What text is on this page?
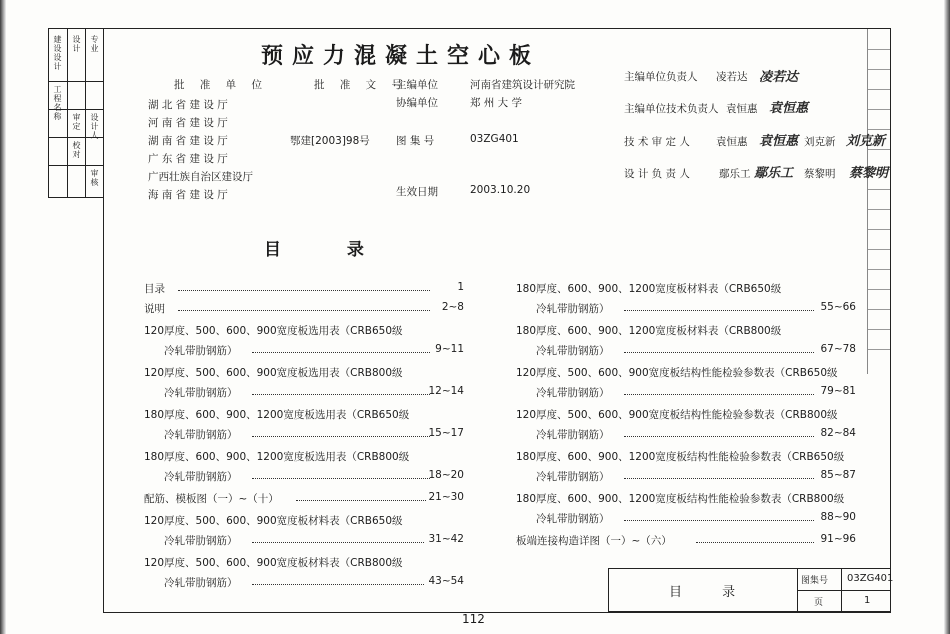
建设设计 设计 专业
工程名称
审定 设计人
校对
审核
预应力混凝土空心板
批 准 单 位	批 准 文 号
湖 北 省 建 设 厅
河 南 省 建 设 厅
湖 南 省 建 设 厅
广 东 省 建 设 厅
广西壮族自治区建设厅
海 南 省 建 设 厅
鄂建[2003]98号
主编单位	河南省建筑设计研究院
协编单位	郑 州 大 学
图 集 号	03ZG401
生效日期	2003.10.20
主编单位负责人 凌若达 凌若达
主编单位技术负责人 袁恒惠 袁恒惠
技 术 审 定 人 袁恒惠 袁恒惠 刘克新 刘克新
设 计 负 责 人	鄢乐工 鄢乐工 蔡黎明 蔡黎明
目 录
目录	1
说明	2~8
120厚度、500、600、900宽度板选用表（CRB650级
冷轧带肋钢筋）	9~11
120厚度、500、600、900宽度板选用表（CRB800级
冷轧带肋钢筋）	12~14
180厚度、600、900、1200宽度板选用表（CRB650级
冷轧带肋钢筋）	15~17
180厚度、600、900、1200宽度板选用表（CRB800级
冷轧带肋钢筋）	18~20
配筋、模板图（一）~（十）	21~30
120厚度、500、600、900宽度板材料表（CRB650级
冷轧带肋钢筋）	31~42
120厚度、500、600、900宽度板材料表（CRB800级
冷轧带肋钢筋）	43~54
180厚度、600、900、1200宽度板材料表（CRB650级
冷轧带肋钢筋）	55~66
180厚度、600、900、1200宽度板材料表（CRB800级
冷轧带肋钢筋）	67~78
120厚度、500、600、900宽度板结构性能检验参数表（CRB650级
冷轧带肋钢筋）	79~81
120厚度、500、600、900宽度板结构性能检验参数表（CRB800级
冷轧带肋钢筋）	82~84
180厚度、600、900、1200宽度板结构性能检验参数表（CRB650级
冷轧带肋钢筋）	85~87
180厚度、600、900、1200宽度板结构性能检验参数表（CRB800级
冷轧带肋钢筋）	88~90
板端连接构造详图（一）~（六）	91~96
目 录
图集号 03ZG401
页	1
112
